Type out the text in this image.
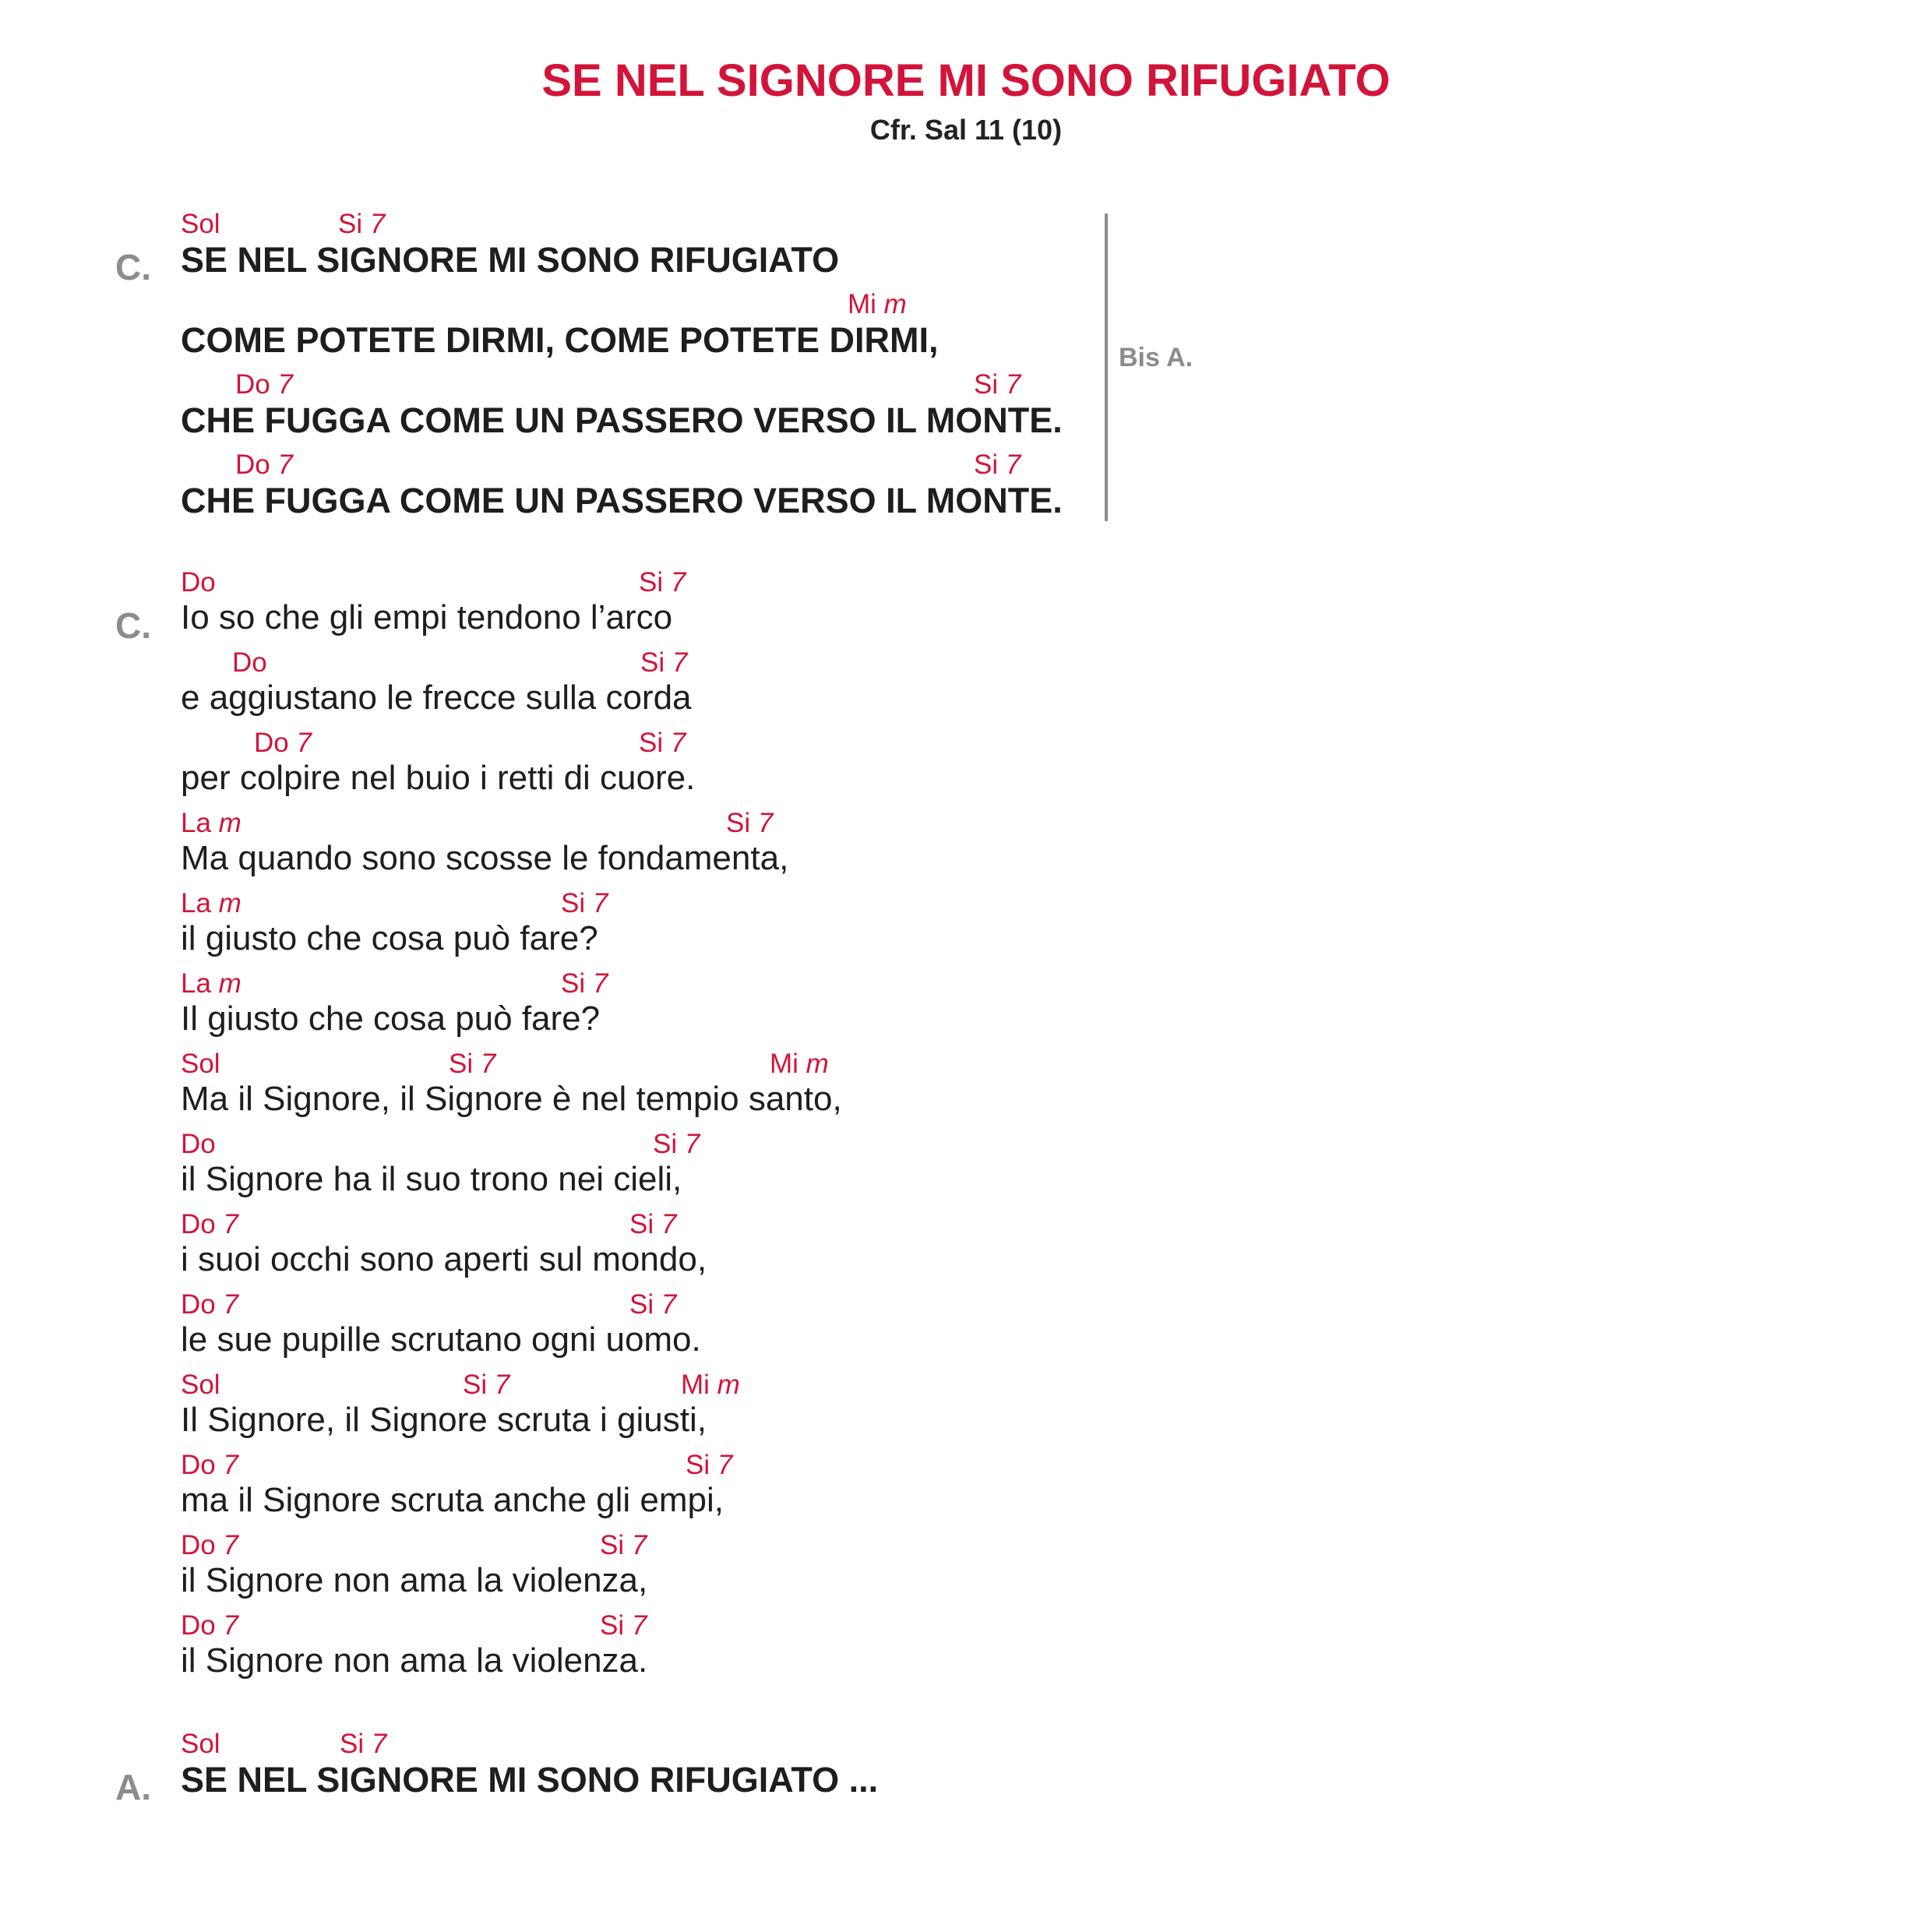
SE NEL SIGNORE MI SONO RIFUGIATO
Cfr. Sal 11 (10)
Bis A.
C.
Sol	Si 7
SE NEL SIGNORE MI SONO RIFUGIATO
Mi m
COME POTETE DIRMI, COME POTETE DIRMI,
Do 7	Si 7
CHE FUGGA COME UN PASSERO VERSO IL MONTE.
Do 7	Si 7
CHE FUGGA COME UN PASSERO VERSO IL MONTE.
C.
Do	Si 7
Io so che gli empi tendono l’arco
Do	Si 7
e aggiustano le frecce sulla corda
Do 7	Si 7
per colpire nel buio i retti di cuore.
La m	Si 7
Ma quando sono scosse le fondamenta,
La m	Si 7
il giusto che cosa può fare?
La m	Si 7
Il giusto che cosa può fare?
Sol	Si 7	Mi m
Ma il Signore, il Signore è nel tempio santo,
Do	Si 7
il Signore ha il suo trono nei cieli,
Do 7	Si 7
i suoi occhi sono aperti sul mondo,
Do 7	Si 7
le sue pupille scrutano ogni uomo.
Sol	Si 7	Mi m
Il Signore, il Signore scruta i giusti,
Do 7	Si 7
ma il Signore scruta anche gli empi,
Do 7	Si 7
il Signore non ama la violenza,
Do 7	Si 7
il Signore non ama la violenza.
A.
Sol	Si 7
SE NEL SIGNORE MI SONO RIFUGIATO ...
